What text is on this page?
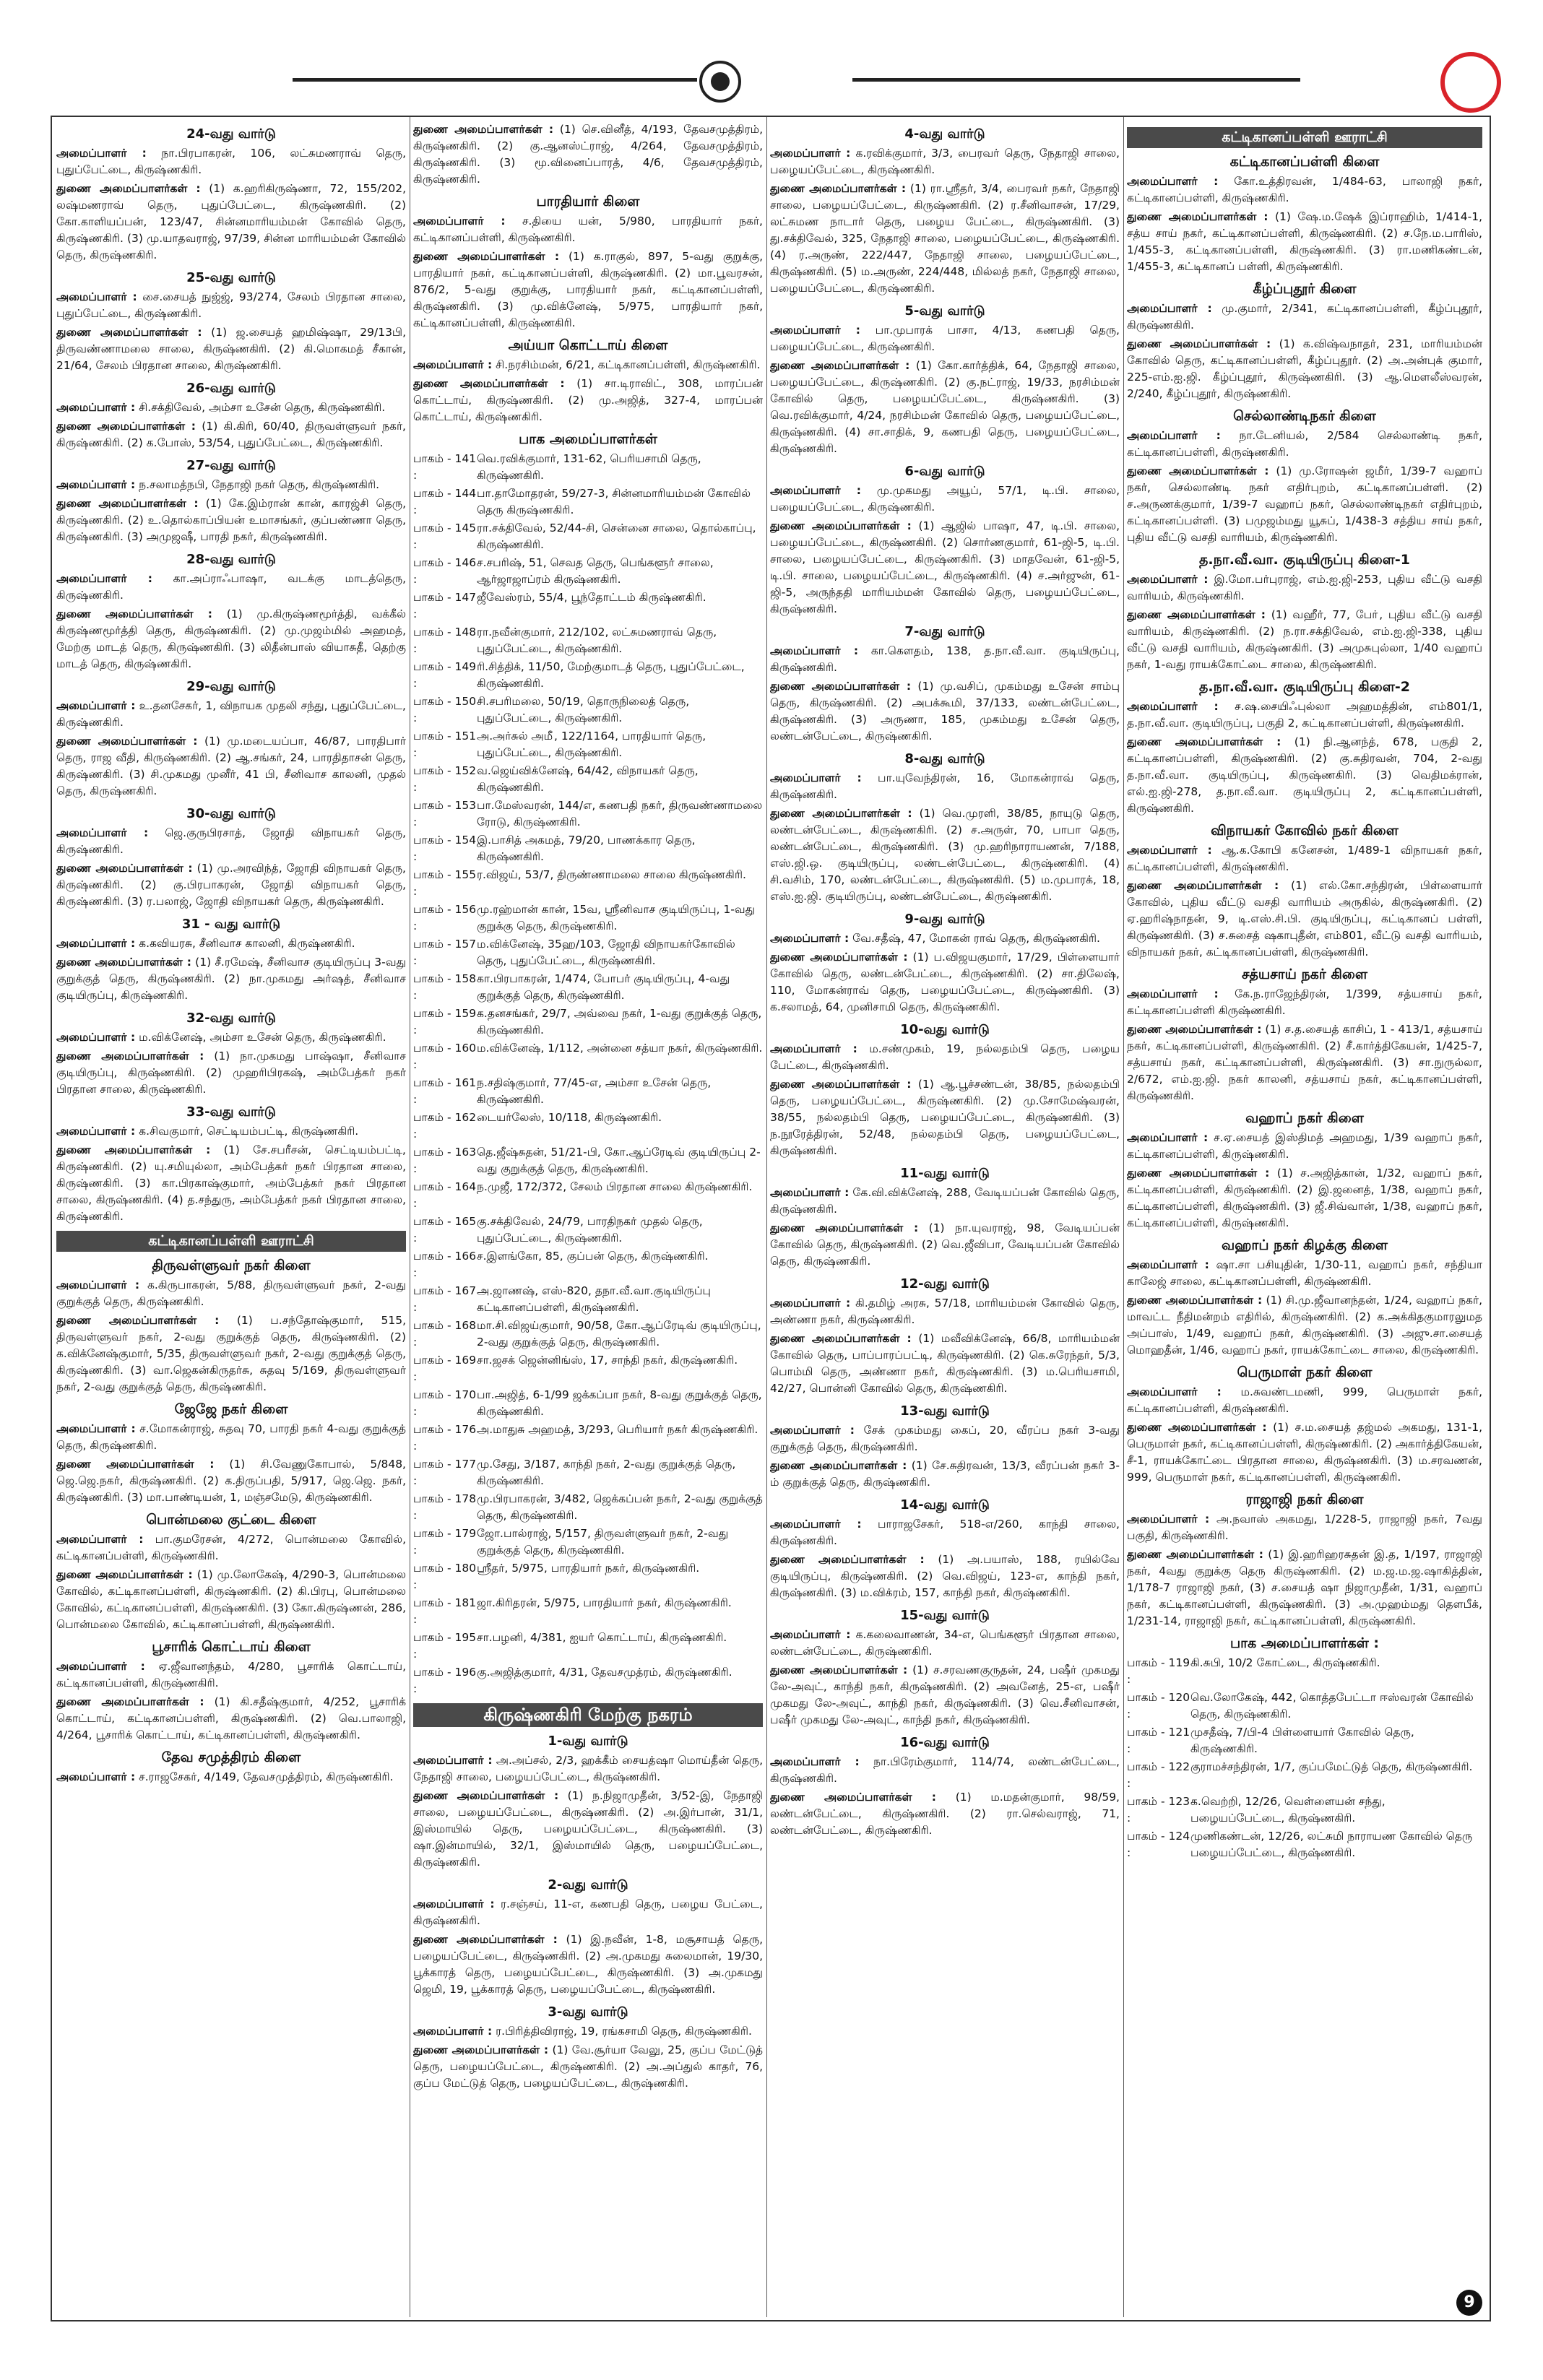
24-வது வார்டு
அமைப்பாளர் : நா.பிரபாகரன், 106, லட்சுமணராவ் தெரு, புதுப்பேட்டை, கிருஷ்ணகிரி.
துணை அமைப்பாளர்கள் : (1) க.ஹரிகிருஷ்ணா, 72, 155/202, லஷ்மணராவ் தெரு, புதுப்பேட்டை, கிருஷ்ணகிரி. (2) கோ.காளியப்பன், 123/47, சின்னமாரியம்மன் கோவில் தெரு, கிருஷ்ணகிரி. (3) மு.யாதவராஜ், 97/39, சின்ன மாரியம்மன் கோவில் தெரு, கிருஷ்ணகிரி.
25-வது வார்டு
அமைப்பாளர் : சை.சையத் நுஜ்ஜ், 93/274, சேலம் பிரதான சாலை, புதுப்பேட்டை, கிருஷ்ணகிரி.
துணை அமைப்பாளர்கள் : (1) ஜ.சையத் ஹமிஷ்ஷா, 29/13பி, திருவண்ணாமலை சாலை, கிருஷ்ணகிரி. (2) கி.மொகமத் சீகான், 21/64, சேலம் பிரதான சாலை, கிருஷ்ணகிரி.
26-வது வார்டு
அமைப்பாளர் : சி.சக்திவேல், அம்சா உசேன் தெரு, கிருஷ்ணகிரி.
துணை அமைப்பாளர்கள் : (1) கி.கிரி, 60/40, திருவள்ளுவர் நகர், கிருஷ்ணகிரி. (2) க.போஸ், 53/54, புதுப்பேட்டை, கிருஷ்ணகிரி.
27-வது வார்டு
அமைப்பாளர் : ந.சலாமத்நபி, நேதாஜி நகர் தெரு, கிருஷ்ணகிரி.
துணை அமைப்பாளர்கள் : (1) கே.இம்ரான் கான், காரஜ்சி தெரு, கிருஷ்ணகிரி. (2) உ.தொல்காப்பியன் உமாசங்கர், குப்பண்ணா தெரு, கிருஷ்ணகிரி. (3) அமுஜஷீ, பாரதி நகர், கிருஷ்ணகிரி.
28-வது வார்டு
அமைப்பாளர் : கா.அப்ராஃபாஷா, வடக்கு மாடத்தெரு, கிருஷ்ணகிரி.
துணை அமைப்பாளர்கள் : (1) மு.கிருஷ்ணமூர்த்தி, வக்கீல் கிருஷ்ணமூர்த்தி தெரு, கிருஷ்ணகிரி. (2) மு.முஜம்மில் அஹமத், மேற்கு மாடத் தெரு, கிருஷ்ணகிரி. (3) லிதீன்பாஸ் வியாசுதீ, தெற்கு மாடத் தெரு, கிருஷ்ணகிரி.
29-வது வார்டு
அமைப்பாளர் : உ.தனசேகர், 1, விநாயக முதலி சந்து, புதுப்பேட்டை, கிருஷ்ணகிரி.
துணை அமைப்பாளர்கள் : (1) மு.மடையப்பா, 46/87, பாரதிபார் தெரு, ராஜ வீதி, கிருஷ்ணகிரி. (2) ஆ.சங்கர், 24, பாரதிதாசன் தெரு, கிருஷ்ணகிரி. (3) சி.முகமது முனீர், 41 பி, சீனிவாச காலனி, முதல் தெரு, கிருஷ்ணகிரி.
30-வது வார்டு
அமைப்பாளர் : ஜெ.குருபிரசாத், ஜோதி விநாயகர் தெரு, கிருஷ்ணகிரி.
துணை அமைப்பாளர்கள் : (1) மு.அரவிந்த், ஜோதி விநாயகர் தெரு, கிருஷ்ணகிரி. (2) கு.பிரபாகரன், ஜோதி விநாயகர் தெரு, கிருஷ்ணகிரி. (3) ர.பலாஜ், ஜோதி விநாயகர் தெரு, கிருஷ்ணகிரி.
31 - வது வார்டு
அமைப்பாளர் : க.கவியரசு, சீனிவாச காலனி, கிருஷ்ணகிரி.
துணை அமைப்பாளர்கள் : (1) சீ.ரமேஷ், சீனிவாச குடியிருப்பு 3-வது குறுக்குத் தெரு, கிருஷ்ணகிரி. (2) நா.முகமது அர்ஷத், சீனிவாச குடியிருப்பு, கிருஷ்ணகிரி.
32-வது வார்டு
அமைப்பாளர் : ம.விக்னேஷ், அம்சா உசேன் தெரு, கிருஷ்ணகிரி.
துணை அமைப்பாளர்கள் : (1) நா.முகமது பாஷ்ஷா, சீனிவாச குடியிருப்பு, கிருஷ்ணகிரி. (2) முஹரிபிரகஷ், அம்பேத்கர் நகர் பிரதான சாலை, கிருஷ்ணகிரி.
33-வது வார்டு
அமைப்பாளர் : க.சிவகுமார், செட்டியம்பட்டி, கிருஷ்ணகிரி.
துணை அமைப்பாளர்கள் : (1) சே.சபரீசன், செட்டியம்பட்டி, கிருஷ்ணகிரி. (2) யு.சமியுல்லா, அம்பேத்கர் நகர் பிரதான சாலை, கிருஷ்ணகிரி. (3) கா.பிரகாஷ்குமார், அம்பேத்கர் நகர் பிரதான சாலை, கிருஷ்ணகிரி. (4) த.சந்துரு, அம்பேத்கர் நகர் பிரதான சாலை, கிருஷ்ணகிரி.
கட்டிகானப்பள்ளி ஊராட்சி
திருவள்ளுவர் நகர் கிளை
அமைப்பாளர் : க.கிருபாகரன், 5/88, திருவள்ளுவர் நகர், 2-வது குறுக்குத் தெரு, கிருஷ்ணகிரி.
துணை அமைப்பாளர்கள் : (1) ப.சந்தோஷ்குமார், 515, திருவள்ளுவர் நகர், 2-வது குறுக்குத் தெரு, கிருஷ்ணகிரி. (2) க.விக்னேஷ்குமார், 5/35, திருவள்ளுவர் நகர், 2-வது குறுக்குத் தெரு, கிருஷ்ணகிரி. (3) வா.ஜெகன்கிருதர்சு, சுதவு 5/169, திருவள்ளுவர் நகர், 2-வது குறுக்குத் தெரு, கிருஷ்ணகிரி.
ஜேஜே நகர் கிளை
அமைப்பாளர் : ச.மோகன்ராஜ், சுதவு 70, பாரதி நகர் 4-வது குறுக்குத் தெரு, கிருஷ்ணகிரி.
துணை அமைப்பாளர்கள் : (1) சி.வேணுகோபால், 5/848, ஜெ.ஜெ.நகர், கிருஷ்ணகிரி. (2) க.திருப்பதி, 5/917, ஜெ.ஜெ. நகர், கிருஷ்ணகிரி. (3) மா.பாண்டியன், 1, மஞ்சமேடு, கிருஷ்ணகிரி.
பொன்மலை குட்டை கிளை
அமைப்பாளர் : பா.குமரேசன், 4/272, பொன்மலை கோவில், கட்டிகானப்பள்ளி, கிருஷ்ணகிரி.
துணை அமைப்பாளர்கள் : (1) மு.லோகேஷ், 4/290-3, பொன்மலை கோவில், கட்டிகானப்பள்ளி, கிருஷ்ணகிரி. (2) கி.பிரபு, பொன்மலை கோவில், கட்டிகானப்பள்ளி, கிருஷ்ணகிரி. (3) கோ.கிருஷ்ணன், 286, பொன்மலை கோவில், கட்டிகானப்பள்ளி, கிருஷ்ணகிரி.
பூசாரிக் கொட்டாய் கிளை
அமைப்பாளர் : ஏ.ஜீவானந்தம், 4/280, பூசாரிக் கொட்டாய், கட்டிகானப்பள்ளி, கிருஷ்ணகிரி.
துணை அமைப்பாளர்கள் : (1) கி.சதீஷ்குமார், 4/252, பூசாரிக் கொட்டாய், கட்டிகானப்பள்ளி, கிருஷ்ணகிரி. (2) வெ.பாலாஜி, 4/264, பூசாரிக் கொட்டாய், கட்டிகானப்பள்ளி, கிருஷ்ணகிரி.
தேவ சமுத்திரம் கிளை
அமைப்பாளர் : ச.ராஜசேகர், 4/149, தேவசமுத்திரம், கிருஷ்ணகிரி.
துணை அமைப்பாளர்கள் : (1) செ.வினீத், 4/193, தேவசமுத்திரம், கிருஷ்ணகிரி. (2) கு.ஆனஸ்ட்ராஜ், 4/264, தேவசமுத்திரம், கிருஷ்ணகிரி. (3) மூ.வினைப்பாரத், 4/6, தேவசமுத்திரம், கிருஷ்ணகிரி.
பாரதியார் கிளை
அமைப்பாளர் : ச.தியை யன், 5/980, பாரதியார் நகர், கட்டிகானப்பள்ளி, கிருஷ்ணகிரி.
துணை அமைப்பாளர்கள் : (1) க.ராகுல், 897, 5-வது குறுக்கு, பாரதியார் நகர், கட்டிகானப்பள்ளி, கிருஷ்ணகிரி. (2) மா.பூவரசன், 876/2, 5-வது குறுக்கு, பாரதியார் நகர், கட்டிகானப்பள்ளி, கிருஷ்ணகிரி. (3) மு.விக்னேஷ், 5/975, பாரதியார் நகர், கட்டிகானப்பள்ளி, கிருஷ்ணகிரி.
அய்யா கொட்டாய் கிளை
அமைப்பாளர் : சி.நரசிம்மன், 6/21, கட்டிகானப்பள்ளி, கிருஷ்ணகிரி.
துணை அமைப்பாளர்கள் : (1) சா.டிராவிட், 308, மாரப்பன் கொட்டாய், கிருஷ்ணகிரி. (2) மு.அஜித், 327-4, மாரப்பன் கொட்டாய், கிருஷ்ணகிரி.
பாக அமைப்பாளர்கள்
பாகம் - 141 :
வெ.ரவிக்குமார், 131-62, பெரியசாமி தெரு, கிருஷ்ணகிரி.
பாகம் - 144 :
பா.தாமோதரன், 59/27-3, சின்னமாரியம்மன் கோவில் தெரு கிருஷ்ணகிரி.
பாகம் - 145 :
ரா.சக்திவேல், 52/44-சி, சென்னை சாலை, தொல்காப்பு, கிருஷ்ணகிரி.
பாகம் - 146 :
ச.சபரிஷ், 51, செவத தெரு, பெங்களூர் சாலை, ஆர்ஜாஜாப்ரம் கிருஷ்ணகிரி.
பாகம் - 147 :
ஜீவேஸ்ரம், 55/4, பூந்தோட்டம் கிருஷ்ணகிரி.
பாகம் - 148 :
ரா.நவீன்குமார், 212/102, லட்சுமணராவ் தெரு, புதுப்பேட்டை, கிருஷ்ணகிரி.
பாகம் - 149 :
ரி.சித்திக், 11/50, மேற்குமாடத் தெரு, புதுப்பேட்டை, கிருஷ்ணகிரி.
பாகம் - 150 :
சி.சபரிமலை, 50/19, தொருநிலைத் தெரு, புதுப்பேட்டை, கிருஷ்ணகிரி.
பாகம் - 151 :
அ.அர்சுல் அமீ், 122/1164, பாரதியார் தெரு, புதுப்பேட்டை, கிருஷ்ணகிரி.
பாகம் - 152 :
வ.ஜெய்விக்னேஷ், 64/42, விநாயகர் தெரு, கிருஷ்ணகிரி.
பாகம் - 153 :
பா.மேஸ்வரன், 144/எ, கணபதி நகர், திருவண்ணாமலை ரோடு, கிருஷ்ணகிரி.
பாகம் - 154 :
இ.பாசித் அகமத், 79/20, பாணக்கார தெரு, கிருஷ்ணகிரி.
பாகம் - 155 :
ர.விஜய், 53/7, திருண்ணாமலை சாலை கிருஷ்ணகிரி.
பாகம் - 156 :
மு.ரஹ்மான் கான், 15வ, ஸ்ரீனிவாச குடியிருப்பு, 1-வது குறுக்கு தெரு, கிருஷ்ணகிரி.
பாகம் - 157 :
ம.விக்னேஷ், 35ஹ/103, ஜோதி விநாயகர்கோவில் தெரு, புதுப்பேட்டை, கிருஷ்ணகிரி.
பாகம் - 158 :
கா.பிரபாகரன், 1/474, போபர் குடியிருப்பு, 4-வது குறுக்குத் தெரு, கிருஷ்ணகிரி.
பாகம் - 159 :
க.தனசங்கர், 29/7, அவ்வை நகர், 1-வது குறுக்குத் தெரு, கிருஷ்ணகிரி.
பாகம் - 160 :
ம.விக்னேஷ், 1/112, அன்னை சத்யா நகர், கிருஷ்ணகிரி.
பாகம் - 161 :
ந.சதிஷ்குமார், 77/45-எ, அம்சா உசேன் தெரு, கிருஷ்ணகிரி.
பாகம் - 162 :
டையர்லேஸ், 10/118, கிருஷ்ணகிரி.
பாகம் - 163 :
தெ.ஜீஷ்சுதன், 51/21-பி, கோ.ஆப்ரேடிவ் குடியிருப்பு 2-வது குறுக்குத் தெரு, கிருஷ்ணகிரி.
பாகம் - 164 :
ந.முஜீ, 172/372, சேலம் பிரதான சாலை கிருஷ்ணகிரி.
பாகம் - 165 :
கு.சக்திவேல், 24/79, பாரதிநகர் முதல் தெரு, புதுப்பேட்டை, கிருஷ்ணகிரி.
பாகம் - 166 :
ச.இளங்கோ, 85, குப்பன் தெரு, கிருஷ்ணகிரி.
பாகம் - 167 :
அ.ஜாணஷ், எஸ்-820, தநா.வீ.வா.குடியிருப்பு கட்டிகானப்பள்ளி, கிருஷ்ணகிரி.
பாகம் - 168 :
மா.சி.விஜய்குமார், 90/58, கோ.ஆப்ரேடிவ் குடியிருப்பு, 2-வது குறுக்குத் தெரு, கிருஷ்ணகிரி.
பாகம் - 169 :
சா.ஜசக் ஜென்னிங்ஸ், 17, சாந்தி நகர், கிருஷ்ணகிரி.
பாகம் - 170 :
பா.அஜித், 6-1/99 ஜக்கப்பா நகர், 8-வது குறுக்குத் தெரு, கிருஷ்ணகிரி.
பாகம் - 176 :
அ.மாதுசு அஹமத், 3/293, பெரியார் நகர் கிருஷ்ணகிரி.
பாகம் - 177 :
மு.சேது, 3/187, காந்தி நகர், 2-வது குறுக்குத் தெரு, கிருஷ்ணகிரி.
பாகம் - 178 :
மு.பிரபாகரன், 3/482, ஜெக்கப்பன் நகர், 2-வது குறுக்குத் தெரு, கிருஷ்ணகிரி.
பாகம் - 179 :
ஜோ.பால்ராஜ், 5/157, திருவள்ளுவர் நகர், 2-வது குறுக்குத் தெரு, கிருஷ்ணகிரி.
பாகம் - 180 :
ஸ்ரீதர், 5/975, பாரதியார் நகர், கிருஷ்ணகிரி.
பாகம் - 181 :
ஜா.கிரிதரன், 5/975, பாரதியார் நகர், கிருஷ்ணகிரி.
பாகம் - 195 :
சா.பழனி, 4/381, ஐயர் கொட்டாய், கிருஷ்ணகிரி.
பாகம் - 196 :
கு.அஜித்குமார், 4/31, தேவசமுத்ரம், கிருஷ்ணகிரி.
கிருஷ்ணகிரி மேற்கு நகரம்
1-வது வார்டு
அமைப்பாளர் : அ.அப்சல், 2/3, ஹக்கீம் சையத்ஷா மொய்தீன் தெரு, நேதாஜி சாலை, பழையப்பேட்டை, கிருஷ்ணகிரி.
துணை அமைப்பாளர்கள் : (1) ந.நிஜாமுதீன், 3/52-இ, நேதாஜி சாலை, பழையப்பேட்டை, கிருஷ்ணகிரி. (2) அ.இர்பான், 31/1, இஸ்மாயில் தெரு, பழையப்பேட்டை, கிருஷ்ணகிரி. (3) ஷா.இன்மாயில், 32/1, இஸ்மாயில் தெரு, பழையப்பேட்டை, கிருஷ்ணகிரி.
2-வது வார்டு
அமைப்பாளர் : ர.சஞ்சய், 11-எ, கணபதி தெரு, பழைய பேட்டை, கிருஷ்ணகிரி.
துணை அமைப்பாளர்கள் : (1) இ.நவீன், 1-8, மசூசாயத் தெரு, பழையப்பேட்டை, கிருஷ்ணகிரி. (2) அ.முகமது சுலைமான், 19/30, பூக்காரத் தெரு, பழையப்பேட்டை, கிருஷ்ணகிரி. (3) அ.முகமது ஜெமி, 19, பூக்காரத் தெரு, பழையப்பேட்டை, கிருஷ்ணகிரி.
3-வது வார்டு
அமைப்பாளர் : ர.பிரித்திவிராஜ், 19, ரங்கசாமி தெரு, கிருஷ்ணகிரி.
துணை அமைப்பாளர்கள் : (1) வே.சூர்யா வேலு, 25, குப்ப மேட்டுத் தெரு, பழையப்பேட்டை, கிருஷ்ணகிரி. (2) அ.அப்துல் காதர், 76, குப்ப மேட்டுத் தெரு, பழையப்பேட்டை, கிருஷ்ணகிரி.
4-வது வார்டு
அமைப்பாளர் : க.ரவிக்குமார், 3/3, பைரவர் தெரு, நேதாஜி சாலை, பழையப்பேட்டை, கிருஷ்ணகிரி.
துணை அமைப்பாளர்கள் : (1) ரா.ஸ்ரீதர், 3/4, பைரவர் நகர், நேதாஜி சாலை, பழையப்பேட்டை, கிருஷ்ணகிரி. (2) ர.சீனிவாசன், 17/29, லட்சுமண நாடார் தெரு, பழைய பேட்டை, கிருஷ்ணகிரி. (3) து.சக்திவேல், 325, நேதாஜி சாலை, பழையப்பேட்டை, கிருஷ்ணகிரி. (4) ர.அருண், 222/447, நேதாஜி சாலை, பழையப்பேட்டை, கிருஷ்ணகிரி. (5) ம.அருண், 224/448, மில்லத் நகர், நேதாஜி சாலை, பழையப்பேட்டை, கிருஷ்ணகிரி.
5-வது வார்டு
அமைப்பாளர் : பா.முபாரக் பாசா, 4/13, கணபதி தெரு, பழையப்பேட்டை, கிருஷ்ணகிரி.
துணை அமைப்பாளர்கள் : (1) கோ.கார்த்திக், 64, நேதாஜி சாலை, பழையப்பேட்டை, கிருஷ்ணகிரி. (2) கு.நட்ராஜ், 19/33, நரசிம்மன் கோவில் தெரு, பழையப்பேட்டை, கிருஷ்ணகிரி. (3) வெ.ரவிக்குமார், 4/24, நரசிம்மன் கோவில் தெரு, பழையப்பேட்டை, கிருஷ்ணகிரி. (4) சா.சாதிக், 9, கணபதி தெரு, பழையப்பேட்டை, கிருஷ்ணகிரி.
6-வது வார்டு
அமைப்பாளர் : மு.முகமது அயூப், 57/1, டி.பி. சாலை, பழையப்பேட்டை, கிருஷ்ணகிரி.
துணை அமைப்பாளர்கள் : (1) ஆஜில் பாஷா, 47, டி.பி. சாலை, பழையப்பேட்டை, கிருஷ்ணகிரி. (2) சொர்ணகுமார், 61-ஜி-5, டி.பி. சாலை, பழையப்பேட்டை, கிருஷ்ணகிரி. (3) மாதவேன், 61-ஜி-5, டி.பி. சாலை, பழையப்பேட்டை, கிருஷ்ணகிரி. (4) ச.அர்ஜுன், 61-ஜி-5, அருந்ததி மாரியம்மன் கோவில் தெரு, பழையப்பேட்டை, கிருஷ்ணகிரி.
7-வது வார்டு
அமைப்பாளர் : கா.கௌதம், 138, த.நா.வீ.வா. குடியிருப்பு, கிருஷ்ணகிரி.
துணை அமைப்பாளர்கள் : (1) மு.வசிப், முகம்மது உசேன் சாம்பு தெரு, கிருஷ்ணகிரி. (2) அபக்கூமி, 37/133, லண்டன்பேட்டை, கிருஷ்ணகிரி. (3) அருணா, 185, முகம்மது உசேன் தெரு, லண்டன்பேட்டை, கிருஷ்ணகிரி.
8-வது வார்டு
அமைப்பாளர் : பா.யுவேந்திரன், 16, மோகன்ராவ் தெரு, கிருஷ்ணகிரி.
துணை அமைப்பாளர்கள் : (1) வெ.முரளி, 38/85, நாயுடு தெரு, லண்டன்பேட்டை, கிருஷ்ணகிரி. (2) ச.அருள், 70, பாபா தெரு, லண்டன்பேட்டை, கிருஷ்ணகிரி. (3) மு.ஹரிநாராயணன், 7/188, எஸ்.ஜி.ஒ. குடியிருப்பு, லண்டன்பேட்டை, கிருஷ்ணகிரி. (4) சி.வசிம், 170, லண்டன்பேட்டை, கிருஷ்ணகிரி. (5) ம.முபாரக், 18, எஸ்.ஐ.ஜி. குடியிருப்பு, லண்டன்பேட்டை, கிருஷ்ணகிரி.
9-வது வார்டு
அமைப்பாளர் : வே.சதீஷ், 47, மோகன் ராவ் தெரு, கிருஷ்ணகிரி.
துணை அமைப்பாளர்கள் : (1) ப.விஜயகுமார், 17/29, பிள்ளையார் கோவில் தெரு, லண்டன்பேட்டை, கிருஷ்ணகிரி. (2) சா.திலேஷ், 110, மோகன்ராவ் தெரு, பழையப்பேட்டை, கிருஷ்ணகிரி. (3) க.சலாமத், 64, முனிசாமி தெரு, கிருஷ்ணகிரி.
10-வது வார்டு
அமைப்பாளர் : ம.சண்முகம், 19, நல்லதம்பி தெரு, பழைய பேட்டை, கிருஷ்ணகிரி.
துணை அமைப்பாளர்கள் : (1) ஆ.பூச்சண்டன், 38/85, நல்லதம்பி தெரு, பழையப்பேட்டை, கிருஷ்ணகிரி. (2) மு.சோமேஷ்வரன், 38/55, நல்லதம்பி தெரு, பழையப்பேட்டை, கிருஷ்ணகிரி. (3) ந.நூரேத்திரன், 52/48, நல்லதம்பி தெரு, பழையப்பேட்டை, கிருஷ்ணகிரி.
11-வது வார்டு
அமைப்பாளர் : கே.வி.விக்னேஷ், 288, வேடியப்பன் கோவில் தெரு, கிருஷ்ணகிரி.
துணை அமைப்பாளர்கள் : (1) நா.யுவராஜ், 98, வேடியப்பன் கோவில் தெரு, கிருஷ்ணகிரி. (2) வெ.ஜீவிபா, வேடியப்பன் கோவில் தெரு, கிருஷ்ணகிரி.
12-வது வார்டு
அமைப்பாளர் : கி.தமிழ் அரசு, 57/18, மாரியம்மன் கோவில் தெரு, அண்ணா நகர், கிருஷ்ணகிரி.
துணை அமைப்பாளர்கள் : (1) மவீவிக்னேஷ், 66/8, மாரியம்மன் கோவில் தெரு, பாப்பாரப்பட்டி, கிருஷ்ணகிரி. (2) கெ.சுரேந்தர், 5/3, பொம்மி தெரு, அண்ணா நகர், கிருஷ்ணகிரி. (3) ம.பெரியசாமி, 42/27, பொன்னி கோவில் தெரு, கிருஷ்ணகிரி.
13-வது வார்டு
அமைப்பாளர் : சேக் முகம்மது கைப், 20, வீரப்ப நகர் 3-வது குறுக்குத் தெரு, கிருஷ்ணகிரி.
துணை அமைப்பாளர்கள் : (1) சே.சுதிரவன், 13/3, வீரப்பன் நகர் 3-ம் குறுக்குத் தெரு, கிருஷ்ணகிரி.
14-வது வார்டு
அமைப்பாளர் : பாராஜசேகர், 518-எ/260, காந்தி சாலை, கிருஷ்ணகிரி.
துணை அமைப்பாளர்கள் : (1) அ.பயாஸ், 188, ரயில்வே குடியிருப்பு, கிருஷ்ணகிரி. (2) வெ.விஜய், 123-எ, காந்தி நகர், கிருஷ்ணகிரி. (3) ம.விக்ரம், 157, காந்தி நகர், கிருஷ்ணகிரி.
15-வது வார்டு
அமைப்பாளர் : க.கலைவாணன், 34-எ, பெங்களூர் பிரதான சாலை, லண்டன்பேட்டை, கிருஷ்ணகிரி.
துணை அமைப்பாளர்கள் : (1) ச.சரவணகுருதன், 24, பஷீர் முகமது லே-அவுட், காந்தி நகர், கிருஷ்ணகிரி. (2) அவனேத், 25-எ, பஷீர் முகமது லே-அவுட், காந்தி நகர், கிருஷ்ணகிரி. (3) வெ.சீனிவாசன், பஷீர் முகமது லே-அவுட், காந்தி நகர், கிருஷ்ணகிரி.
16-வது வார்டு
அமைப்பாளர் : நா.பிரேம்குமார், 114/74, லண்டன்பேட்டை, கிருஷ்ணகிரி.
துணை அமைப்பாளர்கள் : (1) ம.மதன்குமார், 98/59, லண்டன்பேட்டை, கிருஷ்ணகிரி. (2) ரா.செல்வராஜ், 71, லண்டன்பேட்டை, கிருஷ்ணகிரி.
கட்டிகானப்பள்ளி ஊராட்சி
கட்டிகானப்பள்ளி கிளை
அமைப்பாளர் : கோ.உத்திரவன், 1/484-63, பாலாஜி நகர், கட்டிகானப்பள்ளி, கிருஷ்ணகிரி.
துணை அமைப்பாளர்கள் : (1) ஷே.ம.ஷேக் இப்ராஹிம், 1/414-1, சத்ய சாய் நகர், கட்டிகானப்பள்ளி, கிருஷ்ணகிரி. (2) ச.நே.ம.பாரிஸ், 1/455-3, கட்டிகானப்பள்ளி, கிருஷ்ணகிரி. (3) ரா.மணிகண்டன், 1/455-3, கட்டிகானப் பள்ளி, கிருஷ்ணகிரி.
கீழ்ப்புதூர் கிளை
அமைப்பாளர் : மு.குமார், 2/341, கட்டிகானப்பள்ளி, கீழ்ப்புதூர், கிருஷ்ணகிரி.
துணை அமைப்பாளர்கள் : (1) க.விஷ்வநாதர், 231, மாரியம்மன் கோவில் தெரு, கட்டிகானப்பள்ளி, கீழ்ப்புதூர். (2) அ.அன்புக் குமார், 225-எம்.ஐ.ஜி. கீழ்ப்புதூர், கிருஷ்ணகிரி. (3) ஆ.மௌலீஸ்வரன், 2/240, கீழ்ப்புதூர், கிருஷ்ணகிரி.
செல்லாண்டிநகர் கிளை
அமைப்பாளர் : நா.டேனியல், 2/584 செல்லாண்டி நகர், கட்டிகானப்பள்ளி, கிருஷ்ணகிரி.
துணை அமைப்பாளர்கள் : (1) மு.ரோஷன் ஜமீர், 1/39-7 வஹாப் நகர், செல்லாண்டி நகர் எதிர்புறம், கட்டிகானப்பள்ளி. (2) ச.அருணக்குமார், 1/39-7 வஹாப் நகர், செல்லாண்டிநகர் எதிர்புறம், கட்டிகானப்பள்ளி. (3) பமுஜம்மது யூசுப், 1/438-3 சத்திய சாய் நகர், புதிய வீட்டு வசதி வாரியம், கிருஷ்ணகிரி.
த.நா.வீ.வா. குடியிருப்பு கிளை-1
அமைப்பாளர் : இ.மோ.பர்புராஜ், எம்.ஐ.ஜி-253, புதிய வீட்டு வசதி வாரியம், கிருஷ்ணகிரி.
துணை அமைப்பாளர்கள் : (1) வஹீர், 77, போ், புதிய வீட்டு வசதி வாரியம், கிருஷ்ணகிரி. (2) ந.ரா.சக்திவேல், எம்.ஐ.ஜி-338, புதிய வீட்டு வசதி வாரியம், கிருஷ்ணகிரி. (3) அமுசுபுல்லா, 1/40 வஹாப் நகர், 1-வது ராயக்கோட்டை சாலை, கிருஷ்ணகிரி.
த.நா.வீ.வா. குடியிருப்பு கிளை-2
அமைப்பாளர் : ச.ஷ.சையிஃபுல்லா அஹமத்தின், எம்801/1, த.நா.வீ.வா. குடியிருப்பு, பகுதி 2, கட்டிகானப்பள்ளி, கிருஷ்ணகிரி.
துணை அமைப்பாளர்கள் : (1) நி.ஆனந்த், 678, பகுதி 2, கட்டிகானப்பள்ளி, கிருஷ்ணகிரி. (2) கு.சுதிரவன், 704, 2-வது த.நா.வீ.வா. குடியிருப்பு, கிருஷ்ணகிரி. (3) வெதிமக்ரான், எல்.ஐ.ஜி-278, த.நா.வீ.வா. குடியிருப்பு 2, கட்டிகானப்பள்ளி, கிருஷ்ணகிரி.
விநாயகர் கோவில் நகர் கிளை
அமைப்பாளர் : ஆ.க.கோபி கனேசன், 1/489-1 விநாயகர் நகர், கட்டிகானப்பள்ளி, கிருஷ்ணகிரி.
துணை அமைப்பாளர்கள் : (1) எல்.கோ.சந்திரன், பிள்ளையார் கோவில், புதிய வீட்டு வசதி வாரியம் அருகில், கிருஷ்ணகிரி. (2) ஏ.ஹரிஷ்நாதன், 9, டி.எஸ்.சி.பி. குடியிருப்பு, கட்டிகானப் பள்ளி, கிருஷ்ணகிரி. (3) ச.சுசைத் ஷகாபுதீன், எம்801, வீட்டு வசதி வாரியம், விநாயகர் நகர், கட்டிகானப்பள்ளி, கிருஷ்ணகிரி.
சத்யசாய் நகர் கிளை
அமைப்பாளர் : கே.ந.ராஜேந்திரன், 1/399, சத்யசாய் நகர், கட்டிகானப்பள்ளி கிருஷ்ணகிரி.
துணை அமைப்பாளர்கள் : (1) ச.த.சையத் காசிப், 1 - 413/1, சத்யசாய் நகர், கட்டிகானப்பள்ளி, கிருஷ்ணகிரி. (2) சீ.கார்த்திகேயன், 1/425-7, சத்யசாய் நகர், கட்டிகானப்பள்ளி, கிருஷ்ணகிரி. (3) சா.நுருல்லா, 2/672, எம்.ஐ.ஜி. நகர் காலனி, சத்யசாய் நகர், கட்டிகானப்பள்ளி, கிருஷ்ணகிரி.
வஹாப் நகர் கிளை
அமைப்பாளர் : ச.ஏ.சையத் இஸ்திமத் அஹமது, 1/39 வஹாப் நகர், கட்டிகானப்பள்ளி, கிருஷ்ணகிரி.
துணை அமைப்பாளர்கள் : (1) ச.அஜித்கான், 1/32, வஹாப் நகர், கட்டிகானப்பள்ளி, கிருஷ்ணகிரி. (2) இ.ஜனைத், 1/38, வஹாப் நகர், கட்டிகானப்பள்ளி, கிருஷ்ணகிரி. (3) ஜீ.சிவ்வான், 1/38, வஹாப் நகர், கட்டிகானப்பள்ளி, கிருஷ்ணகிரி.
வஹாப் நகர் கிழக்கு கிளை
அமைப்பாளர் : ஷா.சா பசியுதின், 1/30-11, வஹாப் நகர், சந்தியா காலேஜ் சாலை, கட்டிகானப்பள்ளி, கிருஷ்ணகிரி.
துணை அமைப்பாளர்கள் : (1) சி.மு.ஜீவானந்தன், 1/24, வஹாப் நகர், மாவட்ட நீதிமன்றம் எதிரில், கிருஷ்ணகிரி. (2) க.அக்கிதகுமாரலுமத அப்பாஸ், 1/49, வஹாப் நகர், கிருஷ்ணகிரி. (3) அஜு.சா.சையத் மொஹதீன், 1/46, வஹாப் நகர், ராயக்கோட்டை சாலை, கிருஷ்ணகிரி.
பெருமாள் நகர் கிளை
அமைப்பாளர் : ம.சுவண்டமணி, 999, பெருமாள் நகர், கட்டிகானப்பள்ளி, கிருஷ்ணகிரி.
துணை அமைப்பாளர்கள் : (1) ச.ம.சையத் தஜ்மல் அகமது, 131-1, பெருமாள் நகர், கட்டிகானப்பள்ளி, கிருஷ்ணகிரி. (2) அகார்த்திகேயன், சீ-1, ராயக்கோட்டை பிரதான சாலை, கிருஷ்ணகிரி. (3) ம.சரவணன், 999, பெருமாள் நகர், கட்டிகானப்பள்ளி, கிருஷ்ணகிரி.
ராஜாஜி நகர் கிளை
அமைப்பாளர் : அ.நவாஸ் அகமது, 1/228-5, ராஜாஜி நகர், 7வது பகுதி, கிருஷ்ணகிரி.
துணை அமைப்பாளர்கள் : (1) இ.ஹரிஹரசுதன் இ.த, 1/197, ராஜாஜி நகர், 4வது குறுக்கு தெரு கிருஷ்ணகிரி. (2) ம.ஜ.ம.ஜ.ஷாகித்தின், 1/178-7 ராஜாஜி நகர், (3) ச.சையத் ஷா நிஜாமுதீன், 1/31, வஹாப் நகர், கட்டிகானப்பள்ளி, கிருஷ்ணகிரி. (3) அ.முஹம்மது தௌபீக், 1/231-14, ராஜாஜி நகர், கட்டிகானப்பள்ளி, கிருஷ்ணகிரி.
பாக அமைப்பாளர்கள் :
பாகம் - 119 :
கி.சுபி, 10/2 கோட்டை, கிருஷ்ணகிரி.
பாகம் - 120 :
வெ.லோகேஷ், 442, கொத்தபேட்டா ஈஸ்வரன் கோவில் தெரு, கிருஷ்ணகிரி.
பாகம் - 121 :
முசதீஷ், 7/பி-4 பிள்ளையார் கோவில் தெரு, கிருஷ்ணகிரி.
பாகம் - 122 :
குராமச்சந்திரன், 1/7, குப்பமேட்டுத் தெரு, கிருஷ்ணகிரி.
பாகம் - 123 :
க.வெற்றி, 12/26, வெள்ளையன் சந்து, பழையப்பேட்டை, கிருஷ்ணகிரி.
பாகம் - 124 :
முணிகண்டன், 12/26, லட்சுமி நாராயண கோவில் தெரு பழையப்பேட்டை, கிருஷ்ணகிரி.
9
